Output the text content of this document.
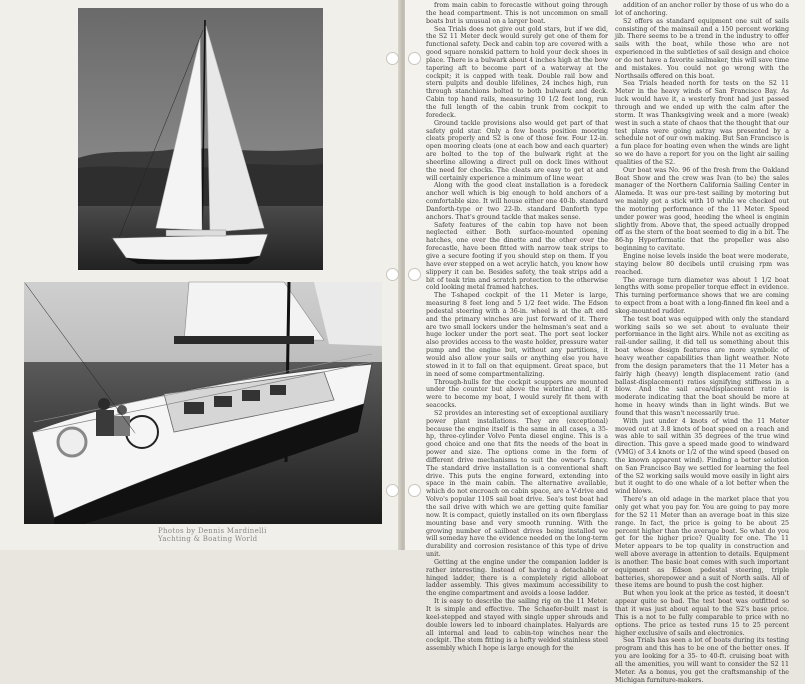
Photos by Dennis Mardinelli
Yachting & Boating World

from main cabin to forecastle without going through the head compartment. This is not uncommon on small boats but is unusual on a larger boat.

Sea Trials does not give out gold stars, but if we did, the S2 11 Meter deck would surely get one of them for functional safety. Deck and cabin top are covered with a good square nonskid pattern to hold your deck shoes in place. There is a bulwark about 4 inches high at the bow tapering aft to become part of a waterway at the cockpit; it is capped with teak. Double rail bow and stern pulpits and double lifelines, 24 inches high, run through stanchions bolted to both bulwark and deck. Cabin top hand rails, measuring 10 1/2 feet long, run the full length of the cabin trunk from cockpit to foredeck.

Ground tackle provisions also would get part of that safety gold star. Only a few boats position mooring cleats properly and S2 is one of those few. Four 12-in. open mooring cleats (one at each bow and each quarter) are bolted to the top of the bulwark right at the sheerline allowing a direct pull on dock lines without the need for chocks. The cleats are easy to get at and will certainly experience a minimum of line wear.

Along with the good cleat installation is a foredeck anchor well which is big enough to hold anchors of a comfortable size. It will house either one 40-lb. standard Danforth-type or two 22-lb. standard Danforth type anchors. That's ground tackle that makes sense.

Safety features of the cabin top have not been neglected either. Both surface-mounted opening hatches, one over the dinette and the other over the forecastle, have been fitted with narrow teak strips to give a secure footing if you should step on them. If you have ever stepped on a wet acrylic hatch, you know how slippery it can be. Besides safety, the teak strips add a bit of teak trim and scratch protection to the otherwise cold looking metal framed hatches.

The T-shaped cockpit of the 11 Meter is large, measuring 8 feet long and 5 1/2 feet wide. The Edson pedestal steering with a 36-in. wheel is at the aft end and the primary winches are just forward of it. There are two small lockers under the helmsman's seat and a huge locker under the port seat. The port seat locker also provides access to the waste holder, pressure water pump and the engine but, without any partitions, it would also allow your sails or anything else you have stowed in it to fall on that equipment. Great space, but in need of some compartmentalizing.

Through-hulls for the cockpit scuppers are mounted under the counter but above the waterline and, if it were to become my boat, I would surely fit them with seacocks.

S2 provides an interesting set of exceptional auxiliary power plant installations. They are (exceptional) because the engine itself is the same in all cases, a 35-hp, three-cylinder Volvo Penta diesel engine. This is a good choice and one that fits the needs of the boat in power and size. The options come in the form of different drive mechanisms to suit the owner's fancy. The standard drive installation is a conventional shaft drive. This puts the engine forward, extending into space in the main cabin. The alternative available, which do not encroach on cabin space, are a V-drive and Volvo's popular 110S sail boat drive. Sea's test boat had the sail drive with which we are getting quite familiar now. It is compact, quietly installed on its own fiberglass mounting base and very smooth running. With the growing number of sailboat drives being installed we will someday have the evidence needed on the long-term durability and corrosion resistance of this type of drive unit.

Getting at the engine under the companion ladder is rather interesting. Instead of having a detachable or hinged ladder, there is a completely rigid alloboat ladder assembly. This gives maximum accessibility to the engine compartment and avoids a loose ladder.

It is easy to describe the sailing rig on the 11 Meter. It is simple and effective. The Schaefer-built mast is keel-stepped and stayed with single upper shrouds and double lowers led to inboard chainplates. Halyards are all internal and lead to cabin-top winches near the cockpit. The stem fitting is a hefty welded stainless steel assembly which I hope is large enough for the

addition of an anchor roller by those of us who do a lot of anchoring.

S2 offers as standard equipment one suit of sails consisting of the mainsail and a 150 percent working jib. There seems to be a trend in the industry to offer sails with the boat, while those who are not experienced in the subtleties of sail design and choice or do not have a favorite sailmaker, this will save time and mistakes. You could not go wrong with the Northsails offered on this boat.

Sea Trials headed north for tests on the S2 11 Meter in the heavy winds of San Francisco Bay. As luck would have it, a westerly front had just passed through and we ended up with the calm after the storm. It was Thanksgiving week and a more (weak) west in such a state of chaos that the thought that our test plans were going astray was presented by a schedule not of our own making. But San Francisco is a fun place for boating even when the winds are light so we do have a report for you on the light air sailing qualities of the S2.

Our boat was No. 96 of the fresh from the Oakland Boat Show and the crew was Ivan (to be) the sales manager of the Northern California Sailing Center in Alameda. It was our pre-test sailing by motoring but we mainly got a stick with 10 while we checked out the motoring performance of the 11 Meter. Speed under power was good, heeding the wheel is enginin slightly from. Above that, the speed actually dropped off as the stern of the boat seemed to dig in a bit. The 86-hp Hyperformatic that the propeller was also beginning to cavitate.

Engine noise levels inside the boat were moderate, staying below 80 decibels until cruising rpm was reached.

The average turn diameter was about 1 1/2 boat lengths with some propeller torque effect in evidence. This turning performance shows that we are coming to expect from a boat with a long-finned fin keel and a skeg-mounted rudder.

The test boat was equipped with only the standard working sails so we set about to evaluate their performance in the light airs. While not as exciting as rail-under sailing, it did tell us something about this boat whose design features are more symbolic of heavy weather capabilities than light weather. Note from the design parameters that the 11 Meter has a fairly high (heavy) length displacement ratio (and ballast-displacement) ratios signifying stiffness in a blow. And the sail area/displacement ratio is moderate indicating that the boat should be more at home in heavy winds than in light winds. But we found that this wasn't necessarily true.

With just under 4 knots of wind the 11 Meter moved out at 3.8 knots of boat speed on a reach and was able to sail within 35 degrees of the true wind direction. This gave a speed made good to windward (VMG) of 3.4 knots or 1/2 of the wind speed (based on the known apparent wind). Finding a better solution on San Francisco Bay we settled for learning the feel of the S2 working sails would move easily in light airs but it ought to do one whale of a lot better when the wind blows.

There's an old adage in the market place that you only get what you pay for. You are going to pay more for the S2 11 Meter than an average boat in this size range. In fact, the price is going to be about 25 percent higher than the average boat. So what do you get for the higher price? Quality for one. The 11 Meter appears to be top quality in construction and well above average in attention to details. Equipment is another. The basic boat comes with such important equipment as Edson pedestal steering, triple batteries, shorepower and a suit of North sails. All of these items are bound to push the cost higher.

But when you look at the price as tested, it doesn't appear quite so bad. The test boat was outfitted so that it was just about equal to the S2's base price. This is a not to be fully comparable to price with no options. The price as tested runs 15 to 25 percent higher exclusive of sails and electronics.

Sea Trials has seen a lot of boats during its testing program and this has to be one of the better ones. If you are looking for a 35- to 40-ft. cruising boat with all the amenities, you will want to consider the S2 11 Meter. As a bonus, you get the craftsmanship of the Michigan furniture-makers.
